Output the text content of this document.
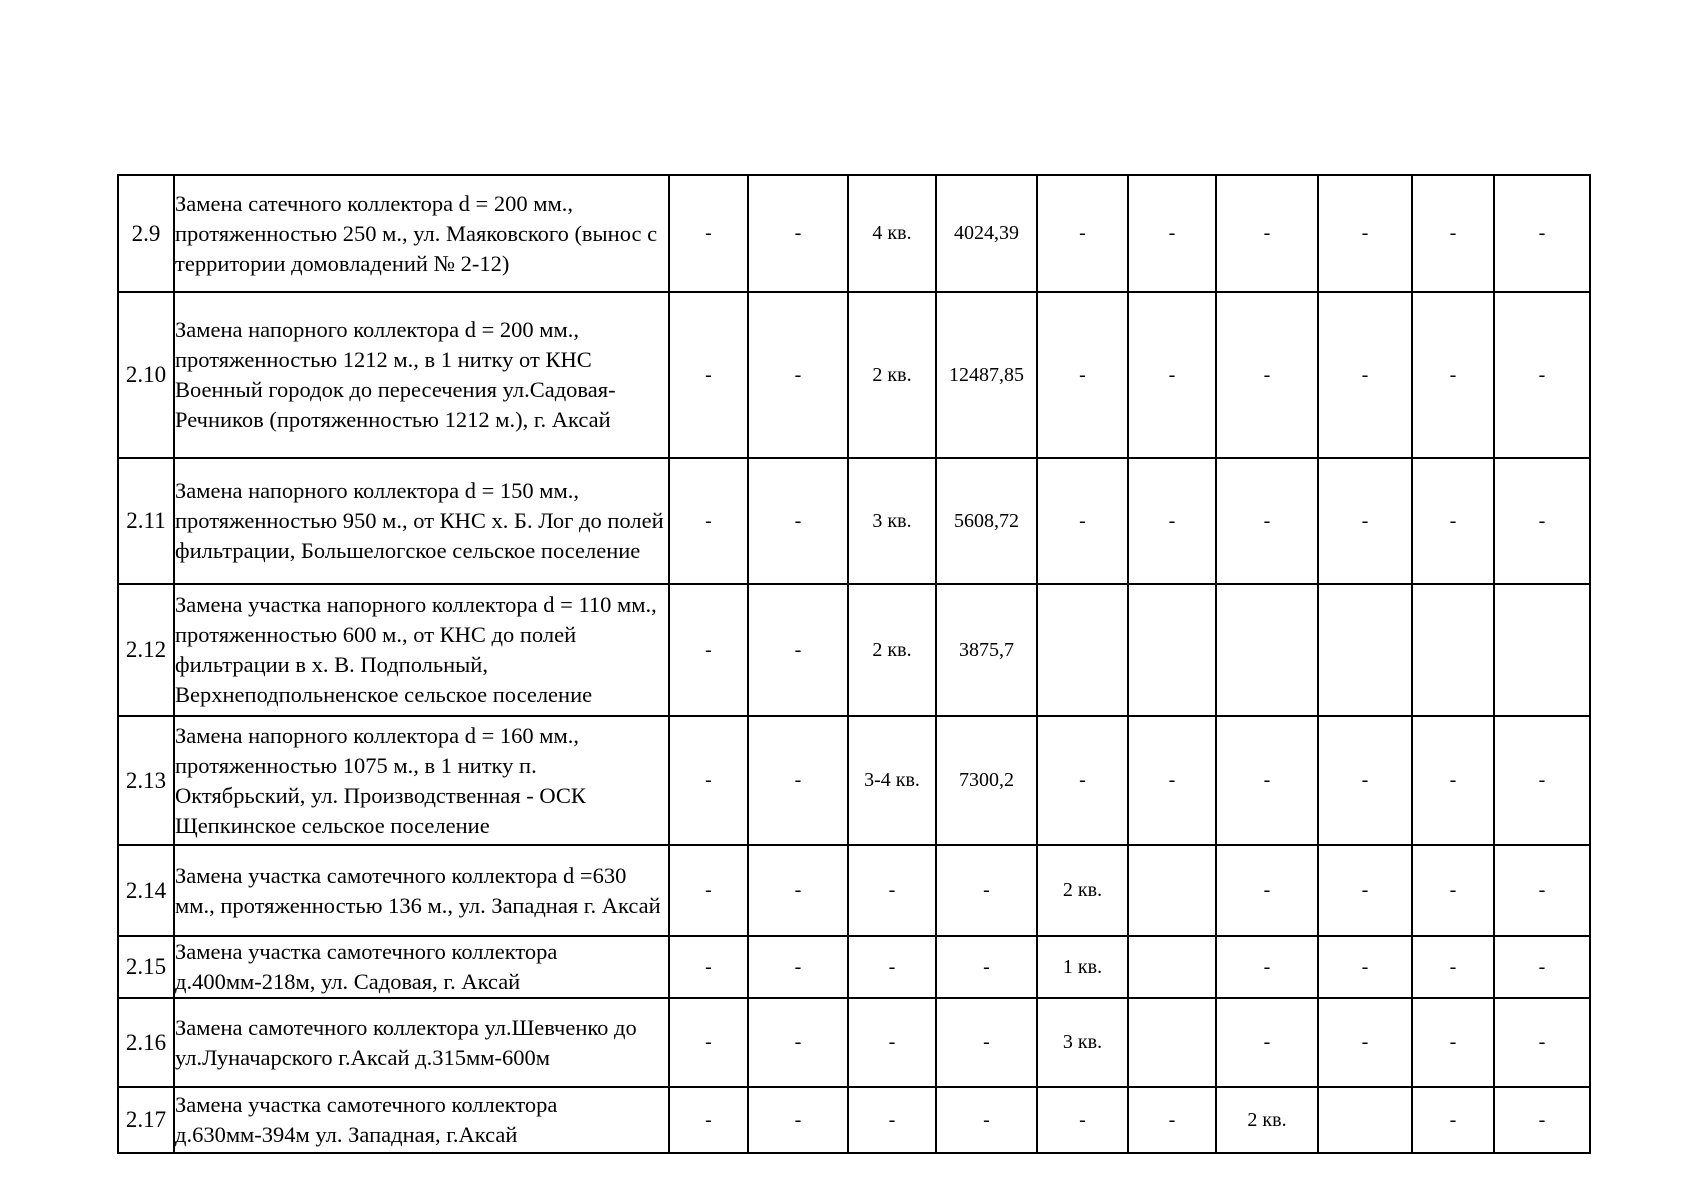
2.9	Замена сатечного коллектора d = 200 мм., протяженностью 250 м., ул. Маяковского (вынос с территории домовладений № 2-12)	-	-	4 кв.	4024,39	-	-	-	-	-	-
2.10	Замена напорного коллектора d = 200 мм., протяженностью 1212 м., в 1 нитку от КНС Военный городок до пересечения ул.Садовая-Речников (протяженностью 1212 м.), г. Аксай	-	-	2 кв.	12487,85	-	-	-	-	-	-
2.11	Замена напорного коллектора d = 150 мм., протяженностью 950 м., от КНС х. Б. Лог до полей фильтрации, Большелогское сельское поселение	-	-	3 кв.	5608,72	-	-	-	-	-	-
2.12	Замена участка напорного коллектора d = 110 мм., протяженностью 600 м., от КНС до полей фильтрации в х. В. Подпольный, Верхнеподпольненское сельское поселение	-	-	2 кв.	3875,7						
2.13	Замена напорного коллектора d = 160 мм., протяженностью 1075 м., в 1 нитку п. Октябрьский, ул. Производственная - ОСК Щепкинское сельское поселение	-	-	3-4 кв.	7300,2	-	-	-	-	-	-
2.14	Замена участка самотечного коллектора d =630 мм., протяженностью 136 м., ул. Западная г. Аксай	-	-	-	-	2 кв.		-	-	-	-
2.15	Замена участка самотечного коллектора д.400мм-218м, ул. Садовая, г. Аксай	-	-	-	-	1 кв.		-	-	-	-
2.16	Замена самотечного коллектора ул.Шевченко до ул.Луначарского г.Аксай д.315мм-600м	-	-	-	-	3 кв.		-	-	-	-
2.17	Замена участка самотечного коллектора д.630мм-394м ул. Западная, г.Аксай	-	-	-	-	-	-	2 кв.		-	-
